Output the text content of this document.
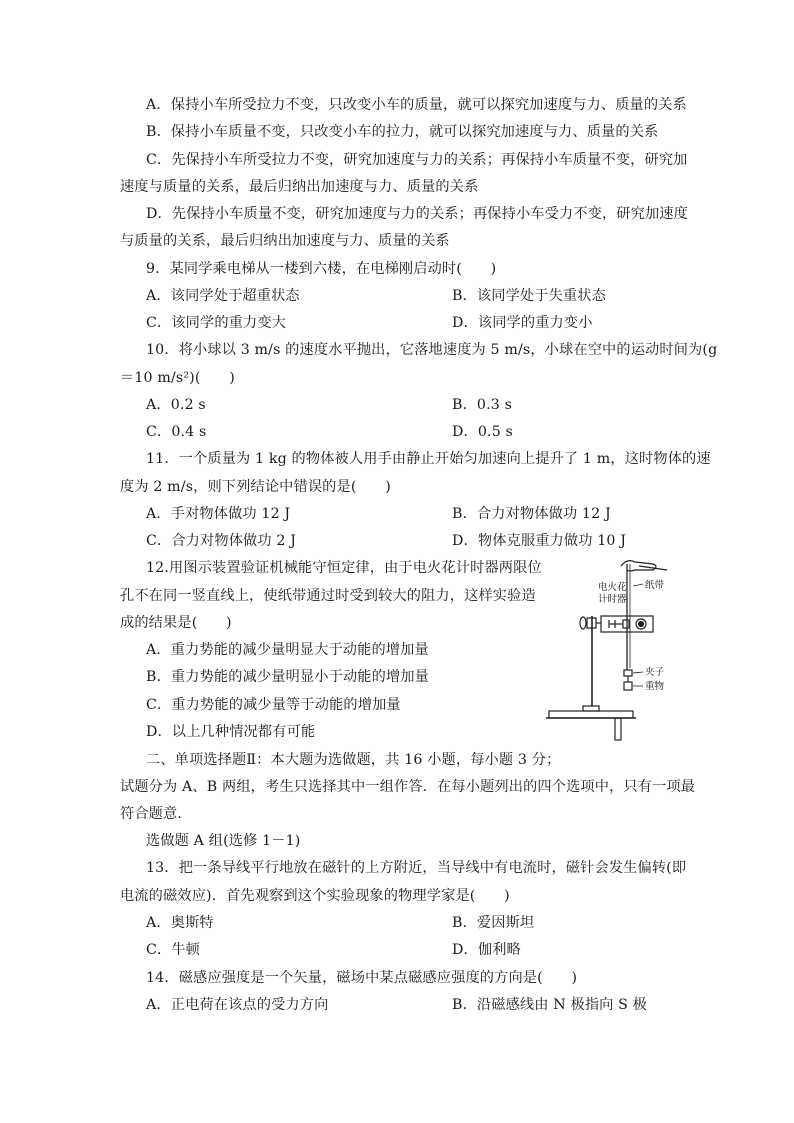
A．保持小车所受拉力不变，只改变小车的质量，就可以探究加速度与力、质量的关系
B．保持小车质量不变，只改变小车的拉力，就可以探究加速度与力、质量的关系
C．先保持小车所受拉力不变，研究加速度与力的关系；再保持小车质量不变，研究加
速度与质量的关系，最后归纳出加速度与力、质量的关系
D．先保持小车质量不变，研究加速度与力的关系；再保持小车受力不变，研究加速度
与质量的关系，最后归纳出加速度与力、质量的关系
9．某同学乘电梯从一楼到六楼，在电梯刚启动时(　　)
A．该同学处于超重状态	B．该同学处于失重状态
C．该同学的重力变大	D．该同学的重力变小
10．将小球以 3 m/s 的速度水平抛出，它落地速度为 5 m/s，小球在空中的运动时间为(g
＝10 m/s²)(　　)
A．0.2 s	B．0.3 s
C．0.4 s	D．0.5 s
11．一个质量为 1 kg 的物体被人用手由静止开始匀加速向上提升了 1 m，这时物体的速
度为 2 m/s，则下列结论中错误的是(　　)
A．手对物体做功 12 J	B．合力对物体做功 12 J
C．合力对物体做功 2 J	D．物体克服重力做功 10 J
12.用图示装置验证机械能守恒定律，由于电火花计时器两限位
孔不在同一竖直线上，使纸带通过时受到较大的阻力，这样实验造
成的结果是(　　)
A．重力势能的减少量明显大于动能的增加量
B．重力势能的减少量明显小于动能的增加量
C．重力势能的减少量等于动能的增加量
D．以上几种情况都有可能
电火花
计时器
纸带
夹子
重物
二、单项选择题Ⅱ：本大题为选做题，共 16 小题，每小题 3 分；
试题分为 A、B 两组，考生只选择其中一组作答．在每小题列出的四个选项中，只有一项最
符合题意．
选做题 A 组(选修 1－1)
13．把一条导线平行地放在磁针的上方附近，当导线中有电流时，磁针会发生偏转(即
电流的磁效应)．首先观察到这个实验现象的物理学家是(　　)
A．奥斯特	B．爱因斯坦
C．牛顿	D．伽利略
14．磁感应强度是一个矢量，磁场中某点磁感应强度的方向是(　　)
A．正电荷在该点的受力方向	B．沿磁感线由 N 极指向 S 极
